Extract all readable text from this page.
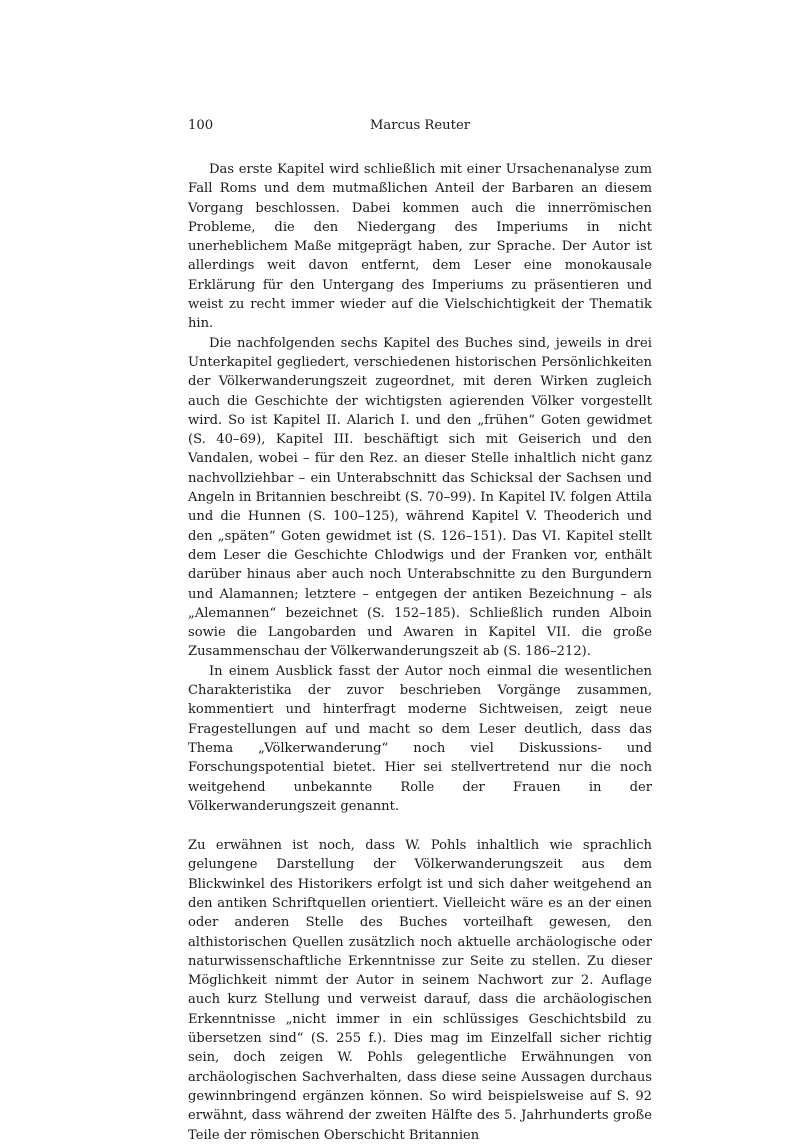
100	Marcus Reuter

Das erste Kapitel wird schließlich mit einer Ursachenanalyse zum Fall Roms und dem mutmaßlichen Anteil der Barbaren an diesem Vorgang beschlossen. Dabei kommen auch die innerrömischen Probleme, die den Niedergang des Imperiums in nicht unerheblichem Maße mitgeprägt haben, zur Sprache. Der Autor ist allerdings weit davon entfernt, dem Leser eine monokausale Erklärung für den Untergang des Imperiums zu präsentieren und weist zu recht immer wieder auf die Vielschichtigkeit der Thematik hin.

Die nachfolgenden sechs Kapitel des Buches sind, jeweils in drei Unterkapitel gegliedert, verschiedenen historischen Persönlichkeiten der Völkerwanderungszeit zugeordnet, mit deren Wirken zugleich auch die Geschichte der wichtigsten agierenden Völker vorgestellt wird. So ist Kapitel II. Alarich I. und den „frühen“ Goten gewidmet (S. 40–69), Kapitel III. beschäftigt sich mit Geiserich und den Vandalen, wobei – für den Rez. an dieser Stelle inhaltlich nicht ganz nachvollziehbar – ein Unterabschnitt das Schicksal der Sachsen und Angeln in Britannien beschreibt (S. 70–99). In Kapitel IV. folgen Attila und die Hunnen (S. 100–125), während Kapitel V. Theoderich und den „späten“ Goten gewidmet ist (S. 126–151). Das VI. Kapitel stellt dem Leser die Geschichte Chlodwigs und der Franken vor, enthält darüber hinaus aber auch noch Unterabschnitte zu den Burgundern und Alamannen; letztere – entgegen der antiken Bezeichnung – als „Alemannen“ bezeichnet (S. 152–185). Schließlich runden Alboin sowie die Langobarden und Awaren in Kapitel VII. die große Zusammenschau der Völkerwanderungszeit ab (S. 186–212).

In einem Ausblick fasst der Autor noch einmal die wesentlichen Charakteristika der zuvor beschrieben Vorgänge zusammen, kommentiert und hinterfragt moderne Sichtweisen, zeigt neue Fragestellungen auf und macht so dem Leser deutlich, dass das Thema „Völkerwanderung“ noch viel Diskussions- und Forschungspotential bietet. Hier sei stellvertretend nur die noch weitgehend unbekannte Rolle der Frauen in der Völkerwanderungszeit genannt.

Zu erwähnen ist noch, dass W. Pohls inhaltlich wie sprachlich gelungene Darstellung der Völkerwanderungszeit aus dem Blickwinkel des Historikers erfolgt ist und sich daher weitgehend an den antiken Schriftquellen orientiert. Vielleicht wäre es an der einen oder anderen Stelle des Buches vorteilhaft gewesen, den althistorischen Quellen zusätzlich noch aktuelle archäologische oder naturwissenschaftliche Erkenntnisse zur Seite zu stellen. Zu dieser Möglichkeit nimmt der Autor in seinem Nachwort zur 2. Auflage auch kurz Stellung und verweist darauf, dass die archäologischen Erkenntnisse „nicht immer in ein schlüssiges Geschichtsbild zu übersetzen sind“ (S. 255 f.). Dies mag im Einzelfall sicher richtig sein, doch zeigen W. Pohls gelegentliche Erwähnungen von archäologischen Sachverhalten, dass diese seine Aussagen durchaus gewinnbringend ergänzen können. So wird beispielsweise auf S. 92 erwähnt, dass während der zweiten Hälfte des 5. Jahrhunderts große Teile der römischen Oberschicht Britannien
